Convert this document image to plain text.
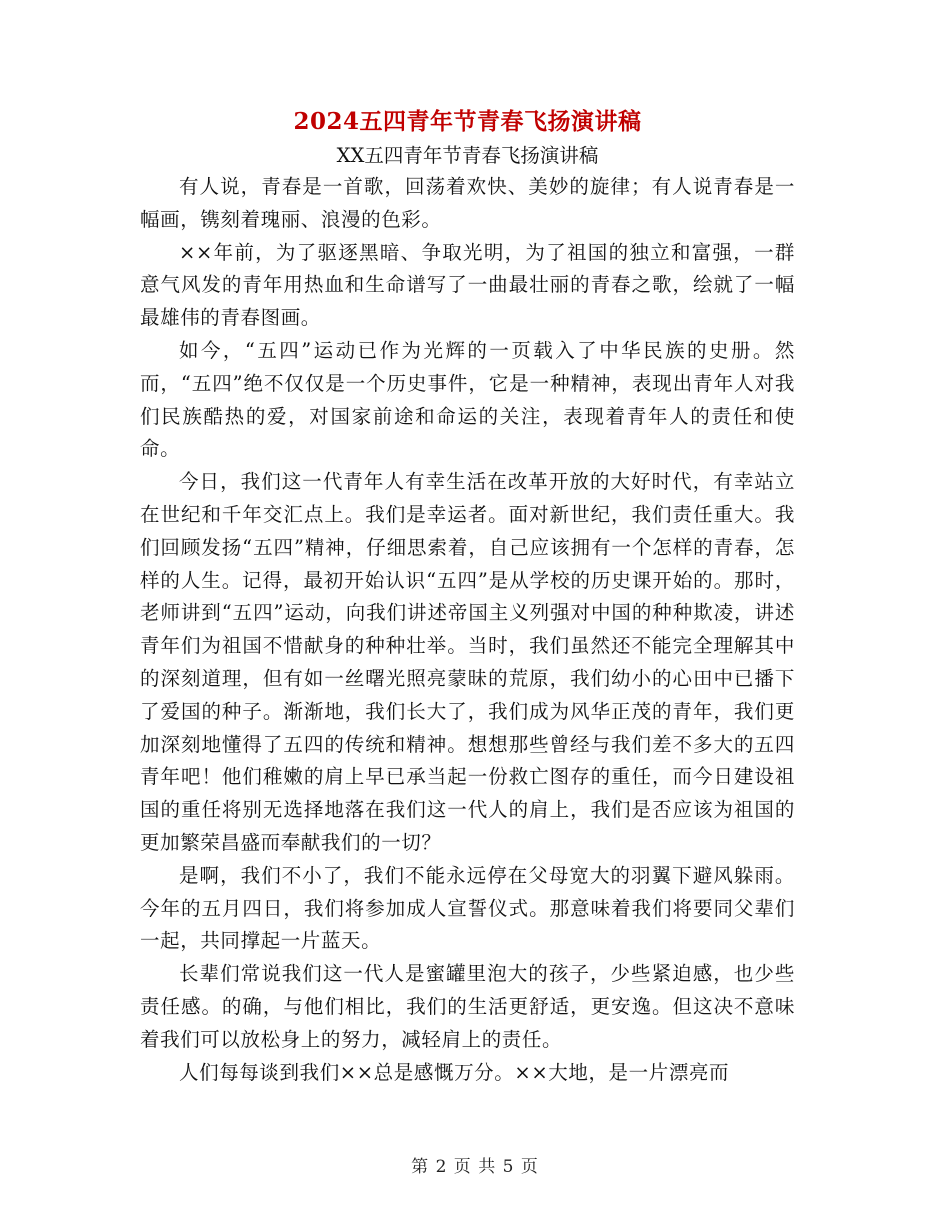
2024五四青年节青春飞扬演讲稿

XX五四青年节青春飞扬演讲稿

有人说，青春是一首歌，回荡着欢快、美妙的旋律；有人说青春是一幅画，镌刻着瑰丽、浪漫的色彩。

××年前，为了驱逐黑暗、争取光明，为了祖国的独立和富强，一群意气风发的青年用热血和生命谱写了一曲最壮丽的青春之歌，绘就了一幅最雄伟的青春图画。

如今，“五四”运动已作为光辉的一页载入了中华民族的史册。然而，“五四”绝不仅仅是一个历史事件，它是一种精神，表现出青年人对我们民族酷热的爱，对国家前途和命运的关注，表现着青年人的责任和使命。

今日，我们这一代青年人有幸生活在改革开放的大好时代，有幸站立在世纪和千年交汇点上。我们是幸运者。面对新世纪，我们责任重大。我们回顾发扬“五四”精神，仔细思索着，自己应该拥有一个怎样的青春，怎样的人生。记得，最初开始认识“五四”是从学校的历史课开始的。那时，老师讲到“五四”运动，向我们讲述帝国主义列强对中国的种种欺凌，讲述青年们为祖国不惜献身的种种壮举。当时，我们虽然还不能完全理解其中的深刻道理，但有如一丝曙光照亮蒙昧的荒原，我们幼小的心田中已播下了爱国的种子。渐渐地，我们长大了，我们成为风华正茂的青年，我们更加深刻地懂得了五四的传统和精神。想想那些曾经与我们差不多大的五四青年吧！他们稚嫩的肩上早已承当起一份救亡图存的重任，而今日建设祖国的重任将别无选择地落在我们这一代人的肩上，我们是否应该为祖国的更加繁荣昌盛而奉献我们的一切？

是啊，我们不小了，我们不能永远停在父母宽大的羽翼下避风躲雨。今年的五月四日，我们将参加成人宣誓仪式。那意味着我们将要同父辈们一起，共同撑起一片蓝天。

长辈们常说我们这一代人是蜜罐里泡大的孩子，少些紧迫感，也少些责任感。的确，与他们相比，我们的生活更舒适，更安逸。但这决不意味着我们可以放松身上的努力，减轻肩上的责任。

人们每每谈到我们××总是感慨万分。××大地，是一片漂亮而

第 2 页 共 5 页
